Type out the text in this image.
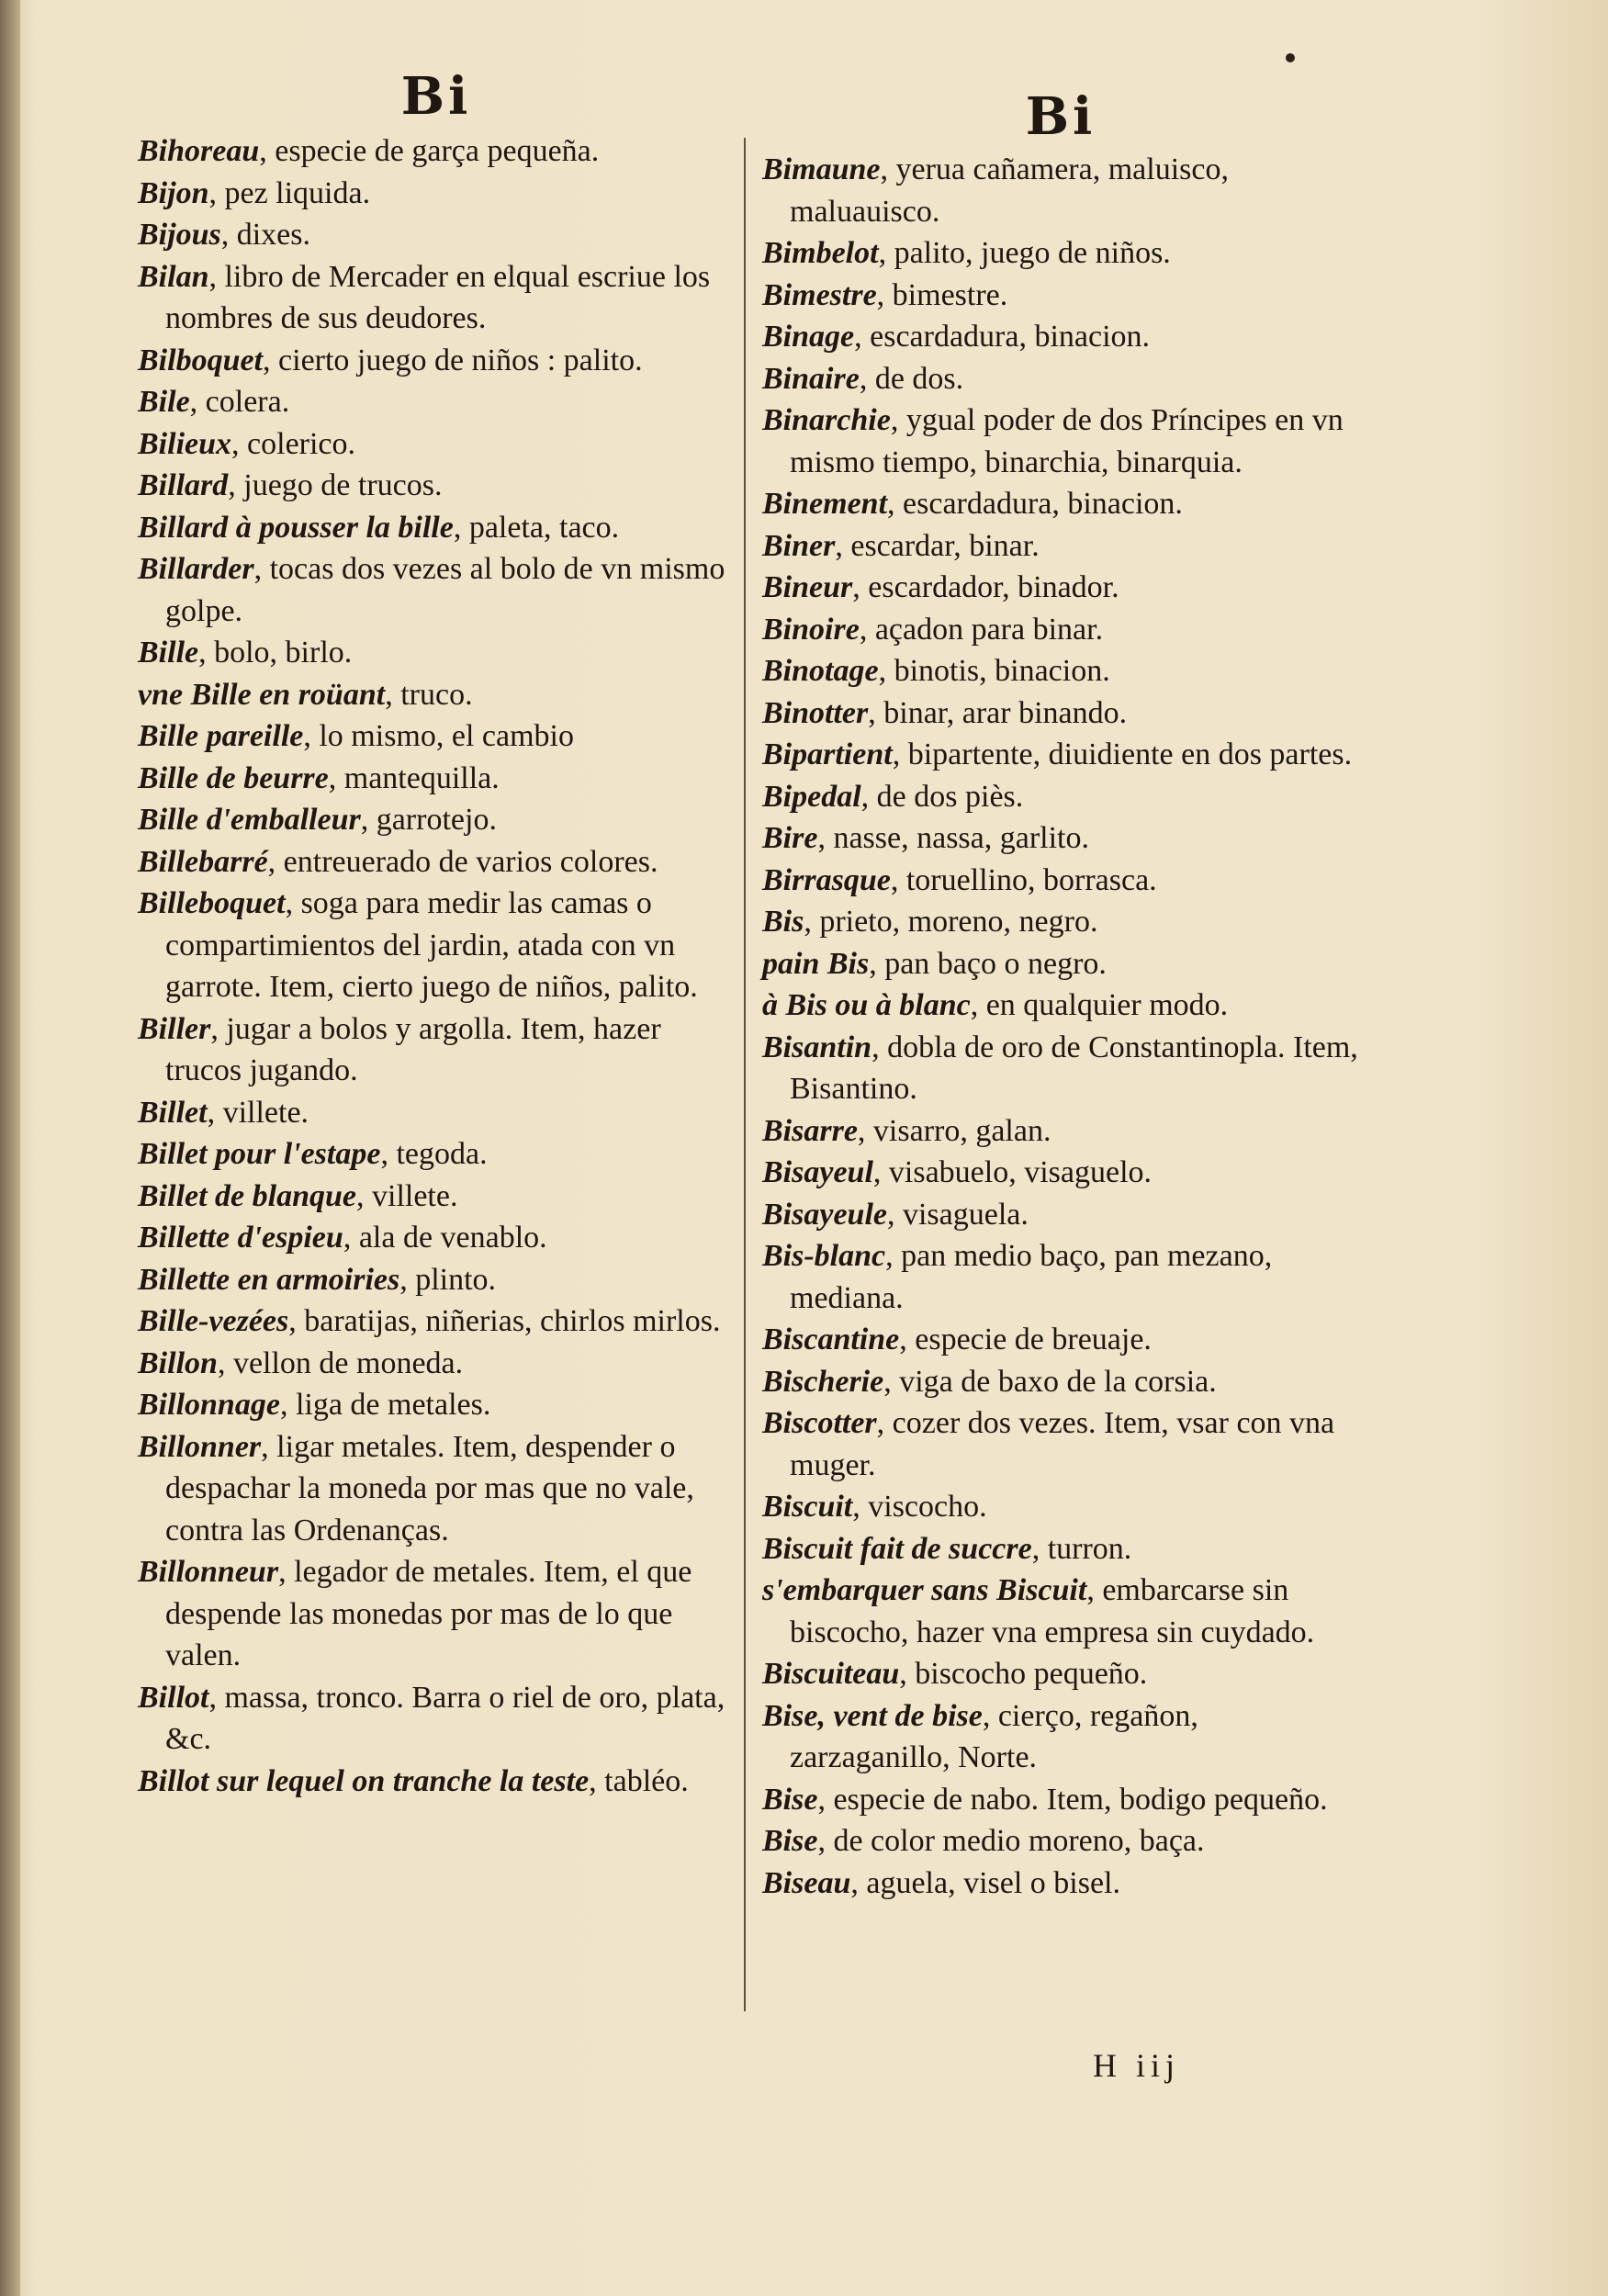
Bi
Bihoreau, especie de garça pequeña.
Bijon, pez liquida.
Bijous, dixes.
Bilan, libro de Mercader en elqual escriue los nombres de sus deudores.
Bilboquet, cierto juego de niños : palito.
Bile, colera.
Bilieux, colerico.
Billard, juego de trucos.
Billard à pousser la bille, paleta, taco.
Billarder, tocas dos vezes al bolo de vn mismo golpe.
Bille, bolo, birlo.
vne Bille en roüant, truco.
Bille pareille, lo mismo, el cambio
Bille de beurre, mantequilla.
Bille d'emballeur, garrotejo.
Billebarré, entreuerado de varios colores.
Billeboquet, soga para medir las camas o compartimientos del jardin, atada con vn garrote. Item, cierto juego de niños, palito.
Biller, jugar a bolos y argolla. Item, hazer trucos jugando.
Billet, villete.
Billet pour l'estape, tegoda.
Billet de blanque, villete.
Billette d'espieu, ala de venablo.
Billette en armoiries, plinto.
Bille-vezées, baratijas, niñerias, chirlos mirlos.
Billon, vellon de moneda.
Billonnage, liga de metales.
Billonner, ligar metales. Item, despender o despachar la moneda por mas que no vale, contra las Ordenanças.
Billonneur, legador de metales. Item, el que despende las monedas por mas de lo que valen.
Billot, massa, tronco. Barra o riel de oro, plata, &c.
Billot sur lequel on tranche la teste, tabléo.
Bi
Bimaune, yerua cañamera, maluisco, maluauisco.
Bimbelot, palito, juego de niños.
Bimestre, bimestre.
Binage, escardadura, binacion.
Binaire, de dos.
Binarchie, ygual poder de dos Príncipes en vn mismo tiempo, binarchia, binarquia.
Binement, escardadura, binacion.
Biner, escardar, binar.
Bineur, escardador, binador.
Binoire, açadon para binar.
Binotage, binotis, binacion.
Binotter, binar, arar binando.
Bipartient, bipartente, diuidiente en dos partes.
Bipedal, de dos piès.
Bire, nasse, nassa, garlito.
Birrasque, toruellino, borrasca.
Bis, prieto, moreno, negro.
pain Bis, pan baço o negro.
à Bis ou à blanc, en qualquier modo.
Bisantin, dobla de oro de Constantinopla. Item, Bisantino.
Bisarre, visarro, galan.
Bisayeul, visabuelo, visaguelo.
Bisayeule, visaguela.
Bis-blanc, pan medio baço, pan mezano, mediana.
Biscantine, especie de breuaje.
Bischerie, viga de baxo de la corsia.
Biscotter, cozer dos vezes. Item, vsar con vna muger.
Biscuit, viscocho.
Biscuit fait de succre, turron.
s'embarquer sans Biscuit, embarcarse sin biscocho, hazer vna empresa sin cuydado.
Biscuiteau, biscocho pequeño.
Bise, vent de bise, cierço, regañon, zarzaganillo, Norte.
Bise, especie de nabo. Item, bodigo pequeño.
Bise, de color medio moreno, baça.
Biseau, aguela, visel o bisel.
H iij
